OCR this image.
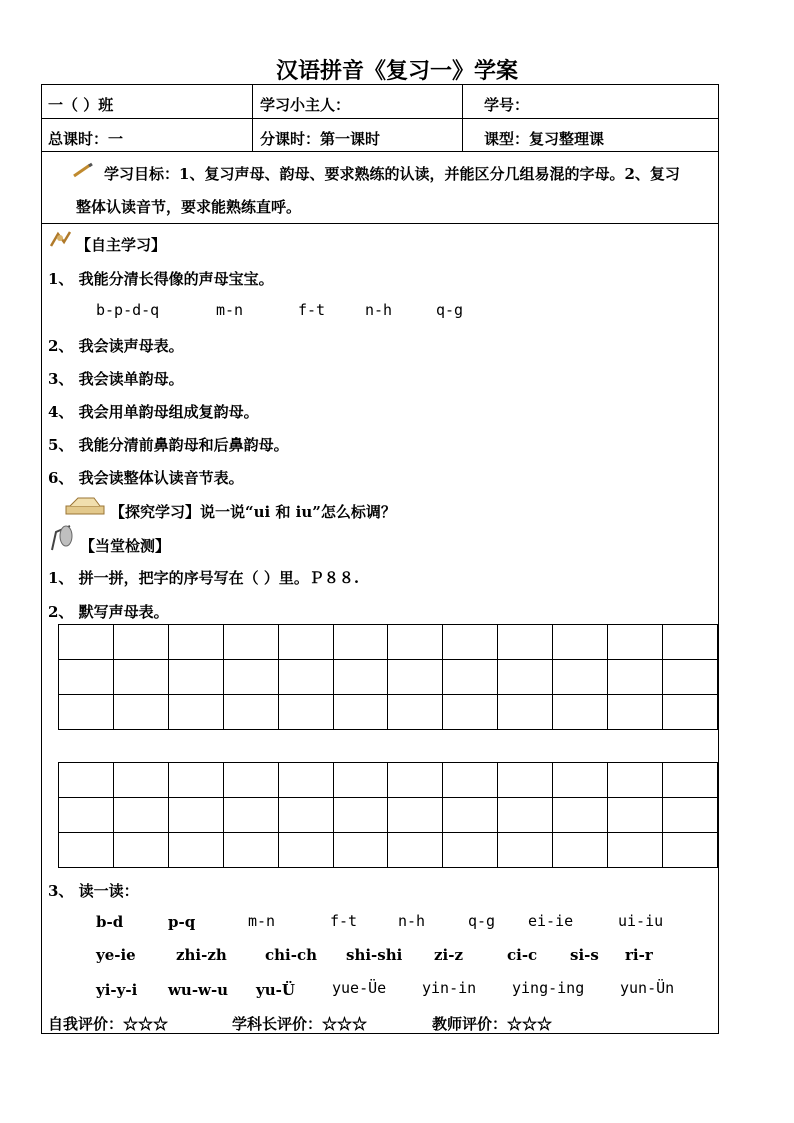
汉语拼音《复习一》学案
一（ ）班	学习小主人：	学号：
总课时：一	分课时：第一课时	课型：复习整理课
学习目标：1、复习声母、韵母、要求熟练的认读，并能区分几组易混的字母。2、复习
整体认读音节，要求能熟练直呼。
【自主学习】
1、 我能分清长得像的声母宝宝。
b-p-d-q	m-n	f-t	n-h	q-g
2、 我会读声母表。
3、 我会读单韵母。
4、 我会用单韵母组成复韵母。
5、 我能分清前鼻韵母和后鼻韵母。
6、 我会读整体认读音节表。
【探究学习】说一说“ui 和 iu”怎么标调？
【当堂检测】
1、 拼一拼，把字的序号写在（ ）里。Ｐ８８.
2、 默写声母表。

3、 读一读：
b-d	p-q	m-n	f-t	n-h	q-g ei-ie	ui-iu
ye-ie	zhi-zh	chi-ch shi-shi zi-z	ci-c si-s ri-r
yi-y-i wu-w-u yu-Ü yue-Üe yin-in ying-ing yun-Ün
自我评价：☆☆☆	学科长评价：☆☆☆	教师评价：☆☆☆
